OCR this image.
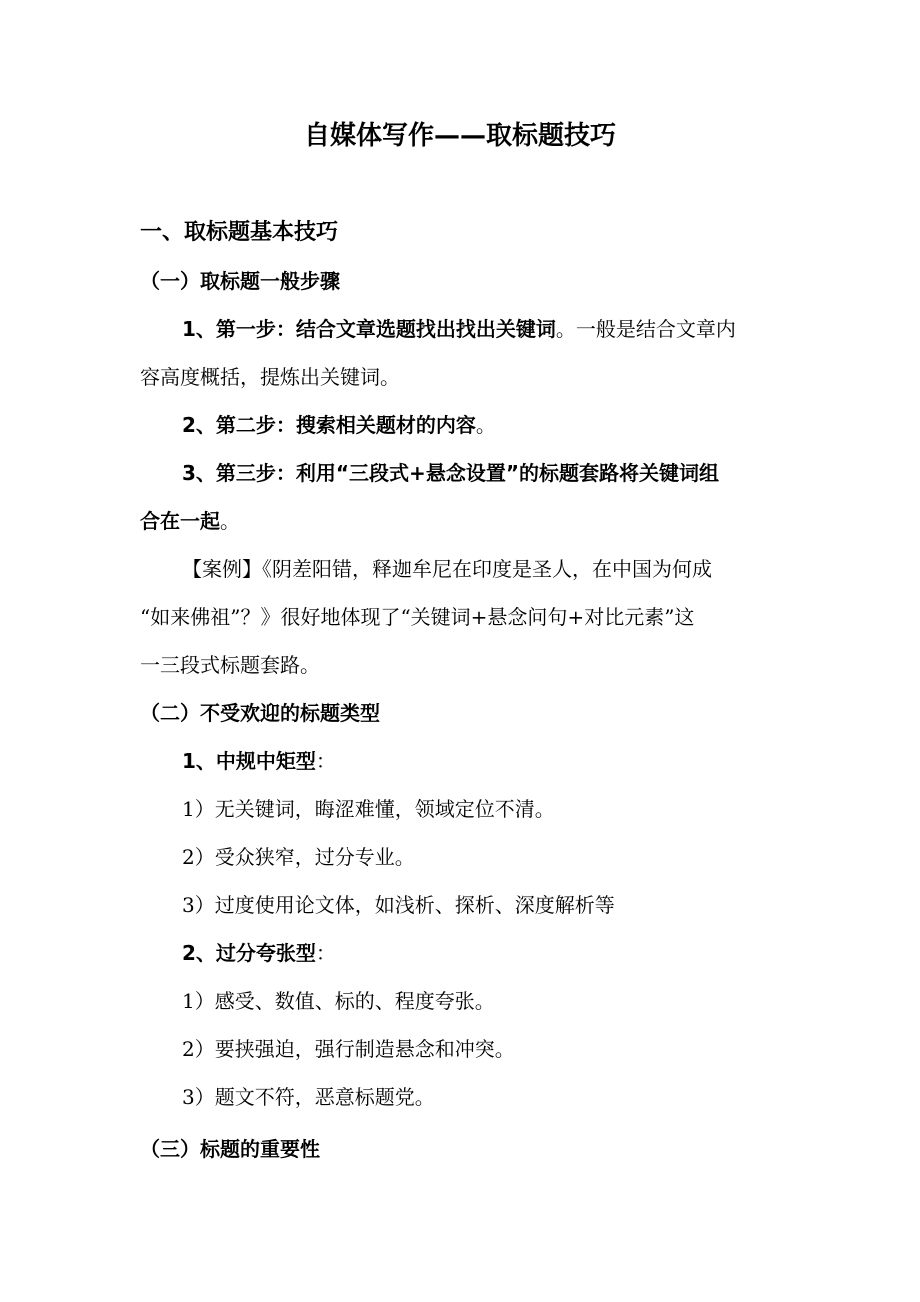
自媒体写作——取标题技巧
一、取标题基本技巧
（一）取标题一般步骤
1、第一步：结合文章选题找出找出关键词。一般是结合文章内
容高度概括，提炼出关键词。
2、第二步：搜索相关题材的内容。
3、第三步：利用“三段式+悬念设置”的标题套路将关键词组
合在一起。
【案例】《阴差阳错，释迦牟尼在印度是圣人，在中国为何成
“如来佛祖”？》很好地体现了“关键词+悬念问句+对比元素”这
一三段式标题套路。
（二）不受欢迎的标题类型
1、中规中矩型：
1）无关键词，晦涩难懂，领域定位不清。
2）受众狭窄，过分专业。
3）过度使用论文体，如浅析、探析、深度解析等
2、过分夸张型：
1）感受、数值、标的、程度夸张。
2）要挟强迫，强行制造悬念和冲突。
3）题文不符，恶意标题党。
（三）标题的重要性
